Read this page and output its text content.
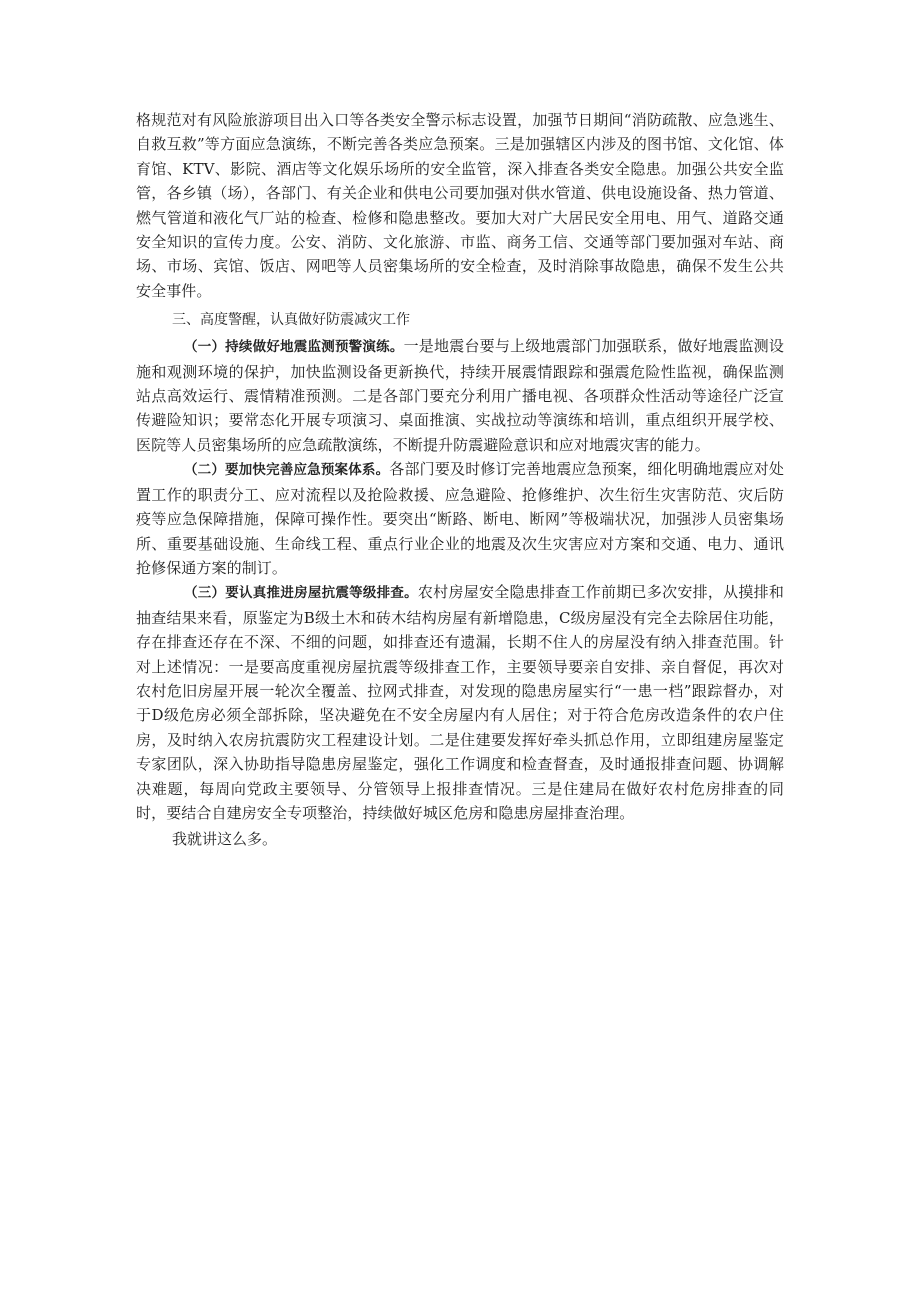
格规范对有风险旅游项目出入口等各类安全警示标志设置，加强节日期间“消防疏散、应急逃生、自救互救”等方面应急演练，不断完善各类应急预案。三是加强辖区内涉及的图书馆、文化馆、体育馆、KTV、影院、酒店等文化娱乐场所的安全监管，深入排查各类安全隐患。加强公共安全监管，各乡镇（场），各部门、有关企业和供电公司要加强对供水管道、供电设施设备、热力管道、燃气管道和液化气厂站的检查、检修和隐患整改。要加大对广大居民安全用电、用气、道路交通安全知识的宣传力度。公安、消防、文化旅游、市监、商务工信、交通等部门要加强对车站、商场、市场、宾馆、饭店、网吧等人员密集场所的安全检查，及时消除事故隐患，确保不发生公共安全事件。

三、高度警醒，认真做好防震减灾工作

（一）持续做好地震监测预警演练。一是地震台要与上级地震部门加强联系，做好地震监测设施和观测环境的保护，加快监测设备更新换代，持续开展震情跟踪和强震危险性监视，确保监测站点高效运行、震情精准预测。二是各部门要充分利用广播电视、各项群众性活动等途径广泛宣传避险知识；要常态化开展专项演习、桌面推演、实战拉动等演练和培训，重点组织开展学校、医院等人员密集场所的应急疏散演练，不断提升防震避险意识和应对地震灾害的能力。

（二）要加快完善应急预案体系。各部门要及时修订完善地震应急预案，细化明确地震应对处置工作的职责分工、应对流程以及抢险救援、应急避险、抢修维护、次生衍生灾害防范、灾后防疫等应急保障措施，保障可操作性。要突出“断路、断电、断网”等极端状况，加强涉人员密集场所、重要基础设施、生命线工程、重点行业企业的地震及次生灾害应对方案和交通、电力、通讯抢修保通方案的制订。

（三）要认真推进房屋抗震等级排查。农村房屋安全隐患排查工作前期已多次安排，从摸排和抽查结果来看，原鉴定为B级土木和砖木结构房屋有新增隐患，C级房屋没有完全去除居住功能，存在排查还存在不深、不细的问题，如排查还有遗漏，长期不住人的房屋没有纳入排查范围。针对上述情况：一是要高度重视房屋抗震等级排查工作，主要领导要亲自安排、亲自督促，再次对农村危旧房屋开展一轮次全覆盖、拉网式排查，对发现的隐患房屋实行“一患一档”跟踪督办，对于D级危房必须全部拆除，坚决避免在不安全房屋内有人居住；对于符合危房改造条件的农户住房，及时纳入农房抗震防灾工程建设计划。二是住建要发挥好牵头抓总作用，立即组建房屋鉴定专家团队，深入协助指导隐患房屋鉴定，强化工作调度和检查督查，及时通报排查问题、协调解决难题，每周向党政主要领导、分管领导上报排查情况。三是住建局在做好农村危房排查的同时，要结合自建房安全专项整治，持续做好城区危房和隐患房屋排查治理。

我就讲这么多。
